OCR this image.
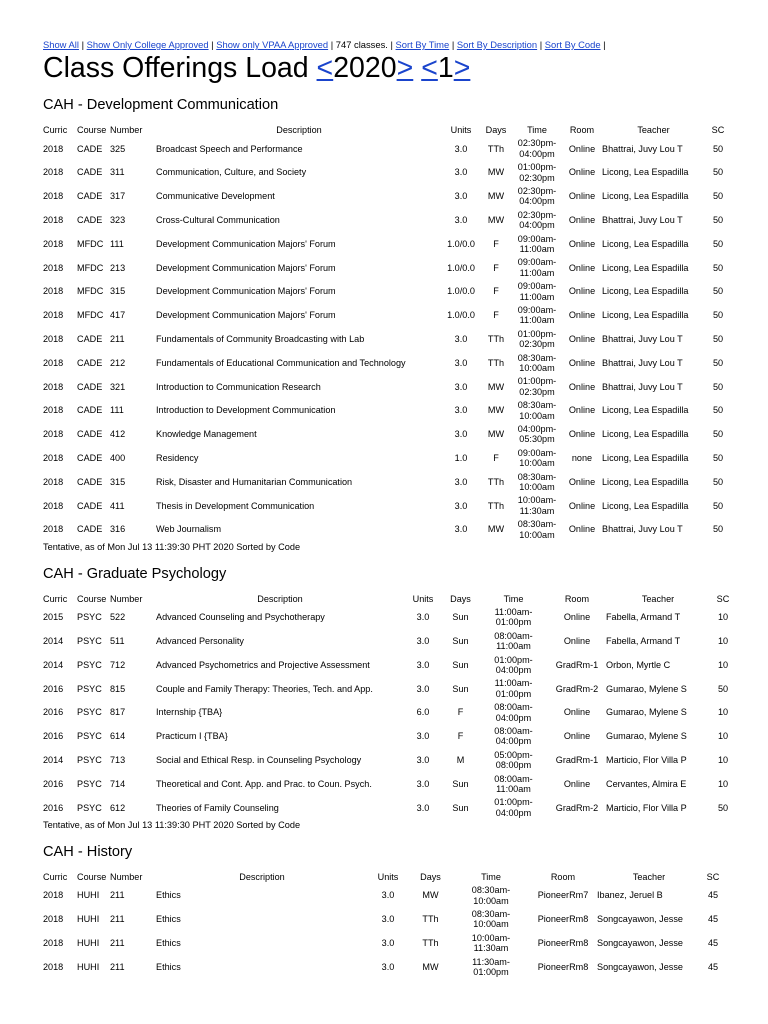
Show All | Show Only College Approved | Show only VPAA Approved | 747 classes. | Sort By Time | Sort By Description | Sort By Code |
Class Offerings Load <2020> <1>
CAH - Development Communication
Curric	Course	Number	Description	Units	Days	Time	Room	Teacher	SC
2018	CADE	325	Broadcast Speech and Performance	3.0	TTh	02:30pm-
04:00pm	Online	Bhattrai, Juvy Lou T	50
2018	CADE	311	Communication, Culture, and Society	3.0	MW	01:00pm-
02:30pm	Online	Licong, Lea Espadilla	50
2018	CADE	317	Communicative Development	3.0	MW	02:30pm-
04:00pm	Online	Licong, Lea Espadilla	50
2018	CADE	323	Cross-Cultural Communication	3.0	MW	02:30pm-
04:00pm	Online	Bhattrai, Juvy Lou T	50
2018	MFDC	111	Development Communication Majors' Forum	1.0/0.0	F	09:00am-
11:00am	Online	Licong, Lea Espadilla	50
2018	MFDC	213	Development Communication Majors' Forum	1.0/0.0	F	09:00am-
11:00am	Online	Licong, Lea Espadilla	50
2018	MFDC	315	Development Communication Majors' Forum	1.0/0.0	F	09:00am-
11:00am	Online	Licong, Lea Espadilla	50
2018	MFDC	417	Development Communication Majors' Forum	1.0/0.0	F	09:00am-
11:00am	Online	Licong, Lea Espadilla	50
2018	CADE	211	Fundamentals of Community Broadcasting with Lab	3.0	TTh	01:00pm-
02:30pm	Online	Bhattrai, Juvy Lou T	50
2018	CADE	212	Fundamentals of Educational Communication and Technology	3.0	TTh	08:30am-
10:00am	Online	Bhattrai, Juvy Lou T	50
2018	CADE	321	Introduction to Communication Research	3.0	MW	01:00pm-
02:30pm	Online	Bhattrai, Juvy Lou T	50
2018	CADE	111	Introduction to Development Communication	3.0	MW	08:30am-
10:00am	Online	Licong, Lea Espadilla	50
2018	CADE	412	Knowledge Management	3.0	MW	04:00pm-
05:30pm	Online	Licong, Lea Espadilla	50
2018	CADE	400	Residency	1.0	F	09:00am-
10:00am	none	Licong, Lea Espadilla	50
2018	CADE	315	Risk, Disaster and Humanitarian Communication	3.0	TTh	08:30am-
10:00am	Online	Licong, Lea Espadilla	50
2018	CADE	411	Thesis in Development Communication	3.0	TTh	10:00am-
11:30am	Online	Licong, Lea Espadilla	50
2018	CADE	316	Web Journalism	3.0	MW	08:30am-
10:00am	Online	Bhattrai, Juvy Lou T	50

Tentative, as of Mon Jul 13 11:39:30 PHT 2020 Sorted by Code

CAH - Graduate Psychology
Curric	Course	Number	Description	Units	Days	Time	Room	Teacher	SC
2015	PSYC	522	Advanced Counseling and Psychotherapy	3.0	Sun	11:00am-
01:00pm	Online	Fabella, Armand T	10
2014	PSYC	511	Advanced Personality	3.0	Sun	08:00am-
11:00am	Online	Fabella, Armand T	10
2014	PSYC	712	Advanced Psychometrics and Projective Assessment	3.0	Sun	01:00pm-
04:00pm	GradRm-1	Orbon, Myrtle C	10
2016	PSYC	815	Couple and Family Therapy: Theories, Tech. and App.	3.0	Sun	11:00am-
01:00pm	GradRm-2	Gumarao, Mylene S	50
2016	PSYC	817	Internship {TBA}	6.0	F	08:00am-
04:00pm	Online	Gumarao, Mylene S	10
2016	PSYC	614	Practicum I {TBA}	3.0	F	08:00am-
04:00pm	Online	Gumarao, Mylene S	10
2014	PSYC	713	Social and Ethical Resp. in Counseling Psychology	3.0	M	05:00pm-
08:00pm	GradRm-1	Marticio, Flor Villa P	10
2016	PSYC	714	Theoretical and Cont. App. and Prac. to Coun. Psych.	3.0	Sun	08:00am-
11:00am	Online	Cervantes, Almira E	10
2016	PSYC	612	Theories of Family Counseling	3.0	Sun	01:00pm-
04:00pm	GradRm-2	Marticio, Flor Villa P	50

Tentative, as of Mon Jul 13 11:39:30 PHT 2020 Sorted by Code

CAH - History
Curric	Course	Number	Description	Units	Days	Time	Room	Teacher	SC
2018	HUHI	211	Ethics	3.0	MW	08:30am-
10:00am	PioneerRm7	Ibanez, Jeruel B	45
2018	HUHI	211	Ethics	3.0	TTh	08:30am-
10:00am	PioneerRm8	Songcayawon, Jesse	45
2018	HUHI	211	Ethics	3.0	TTh	10:00am-
11:30am	PioneerRm8	Songcayawon, Jesse	45
2018	HUHI	211	Ethics	3.0	MW	11:30am-
01:00pm	PioneerRm8	Songcayawon, Jesse	45
